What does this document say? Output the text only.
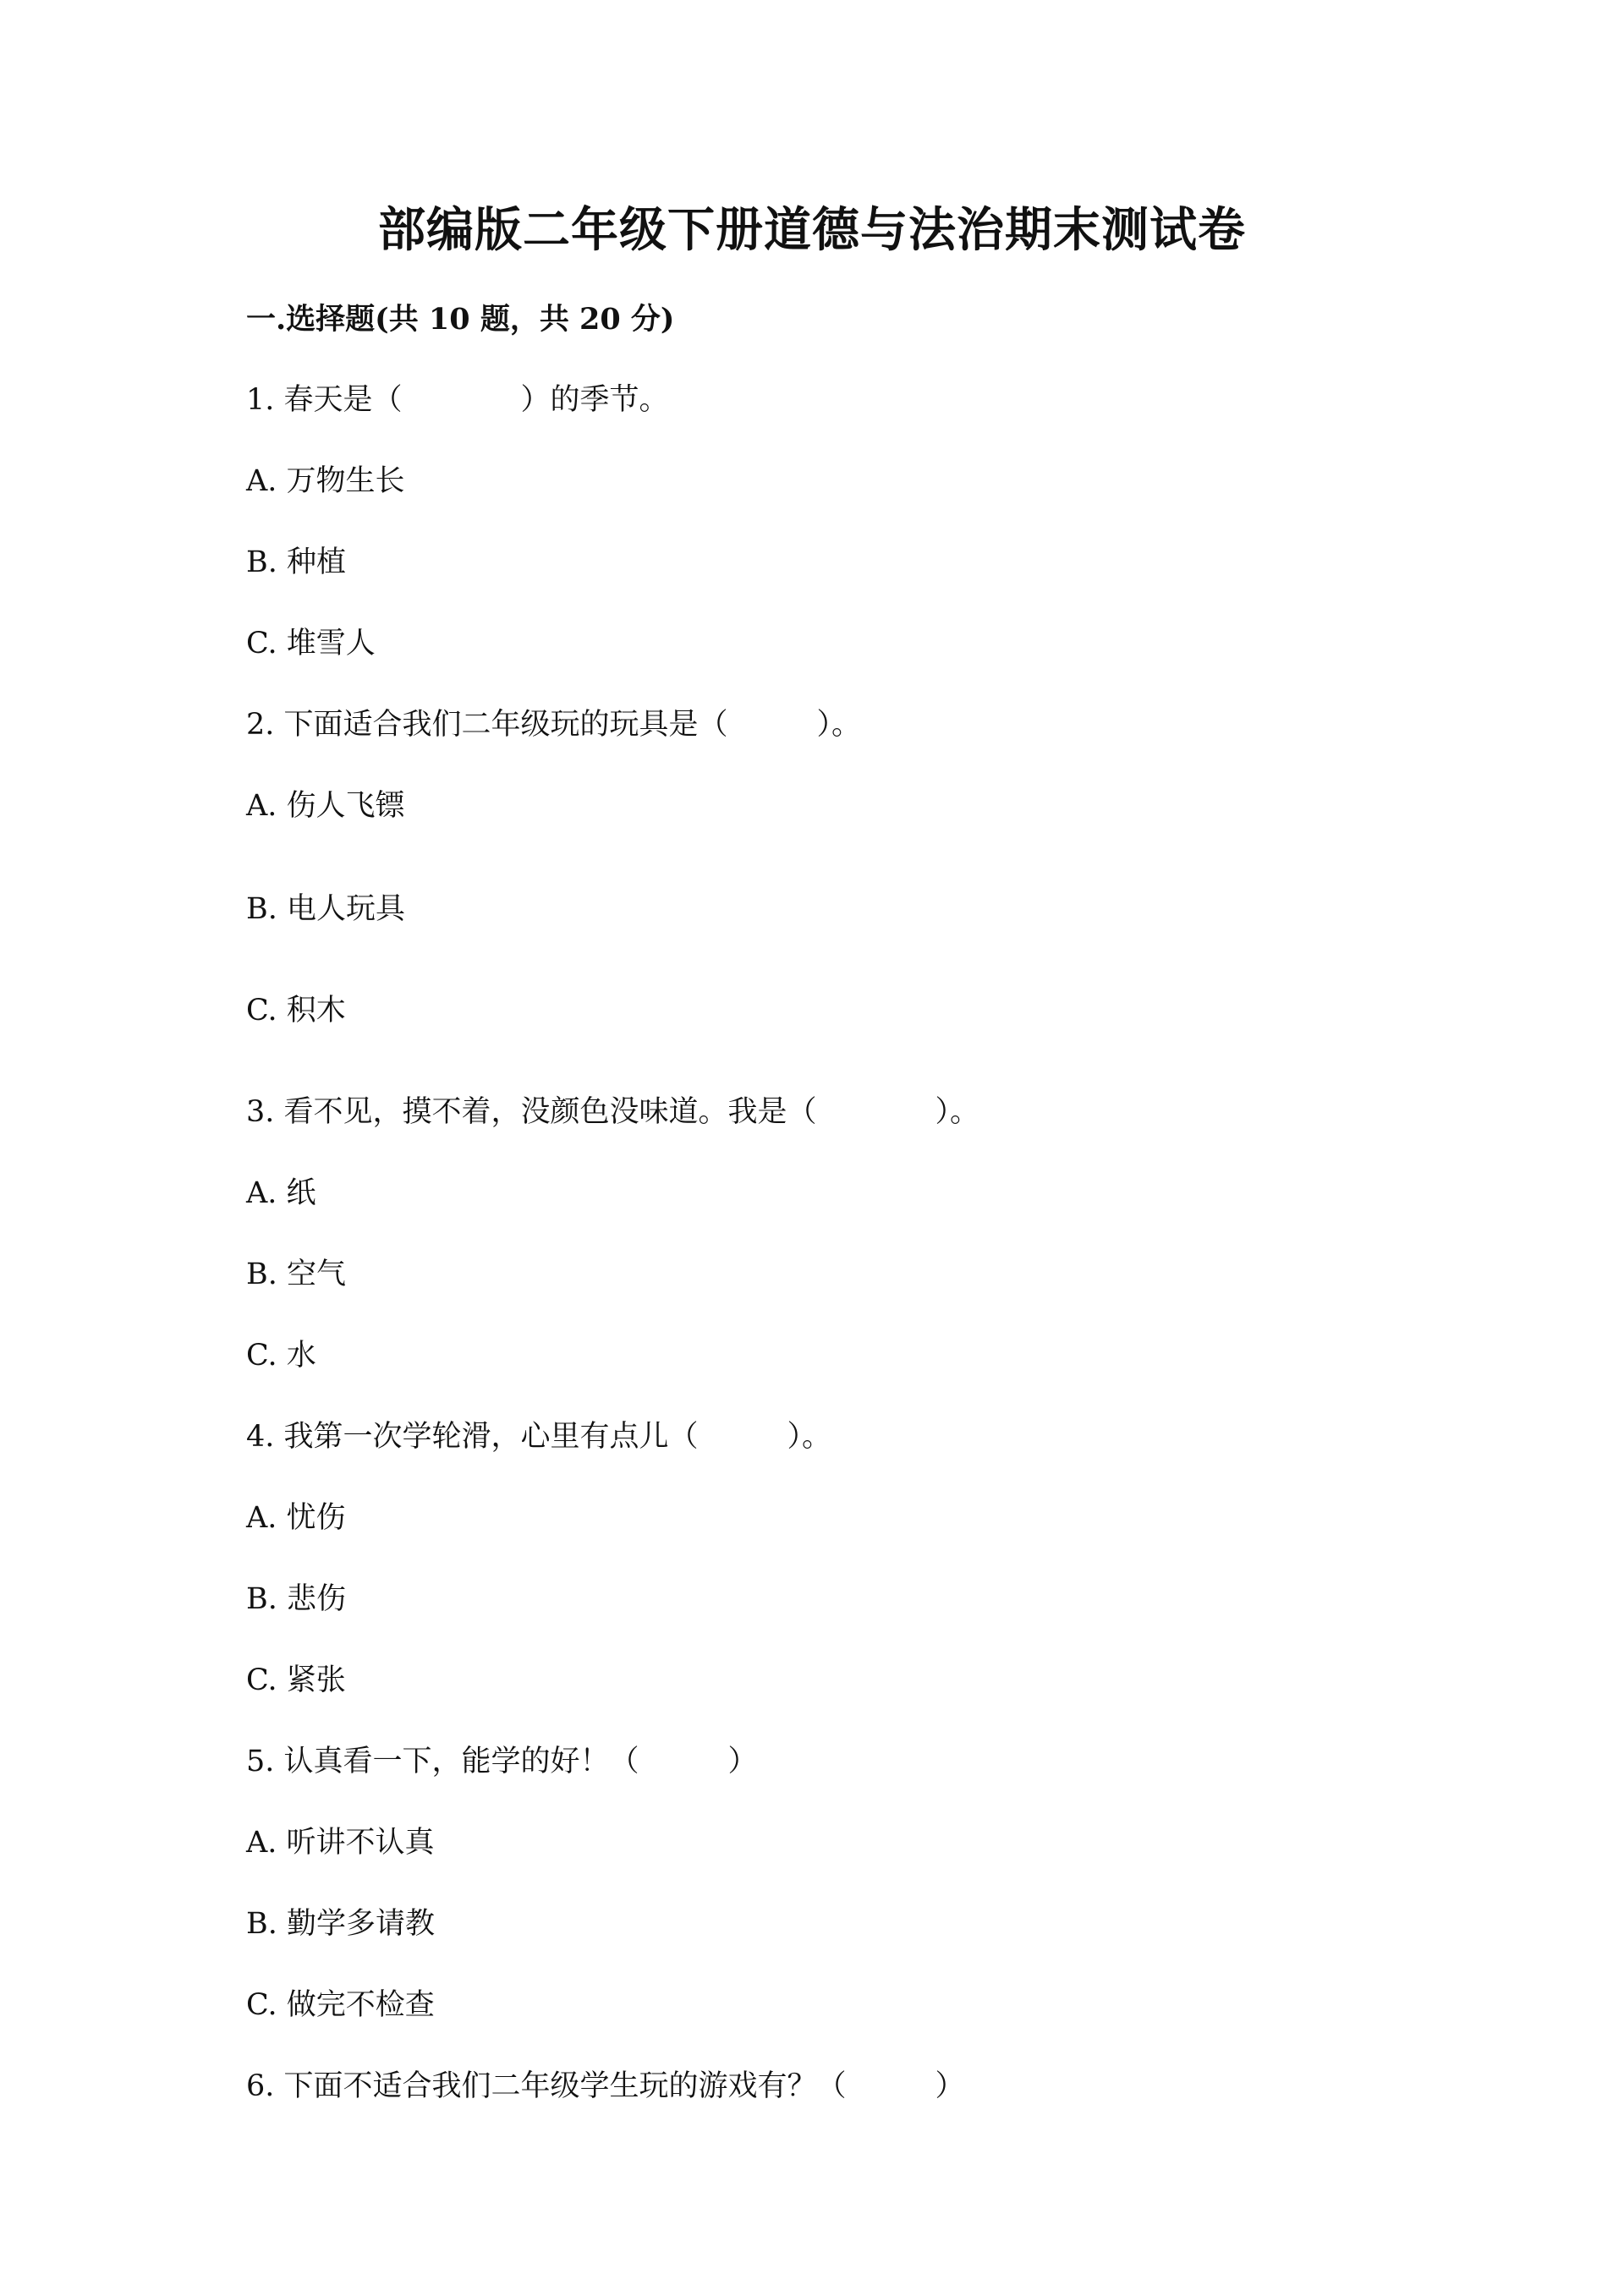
部编版二年级下册道德与法治期末测试卷
一.选择题(共 10 题，共 20 分)
1. 春天是（　　　　）的季节。
A. 万物生长
B. 种植
C. 堆雪人
2. 下面适合我们二年级玩的玩具是（　　　）。
A. 伤人飞镖
B. 电人玩具
C. 积木
3. 看不见，摸不着，没颜色没味道。我是（　　　　）。
A. 纸
B. 空气
C. 水
4. 我第一次学轮滑，心里有点儿（　　　）。
A. 忧伤
B. 悲伤
C. 紧张
5. 认真看一下，能学的好！（　　　）
A. 听讲不认真
B. 勤学多请教
C. 做完不检查
6. 下面不适合我们二年级学生玩的游戏有？（　　　）
